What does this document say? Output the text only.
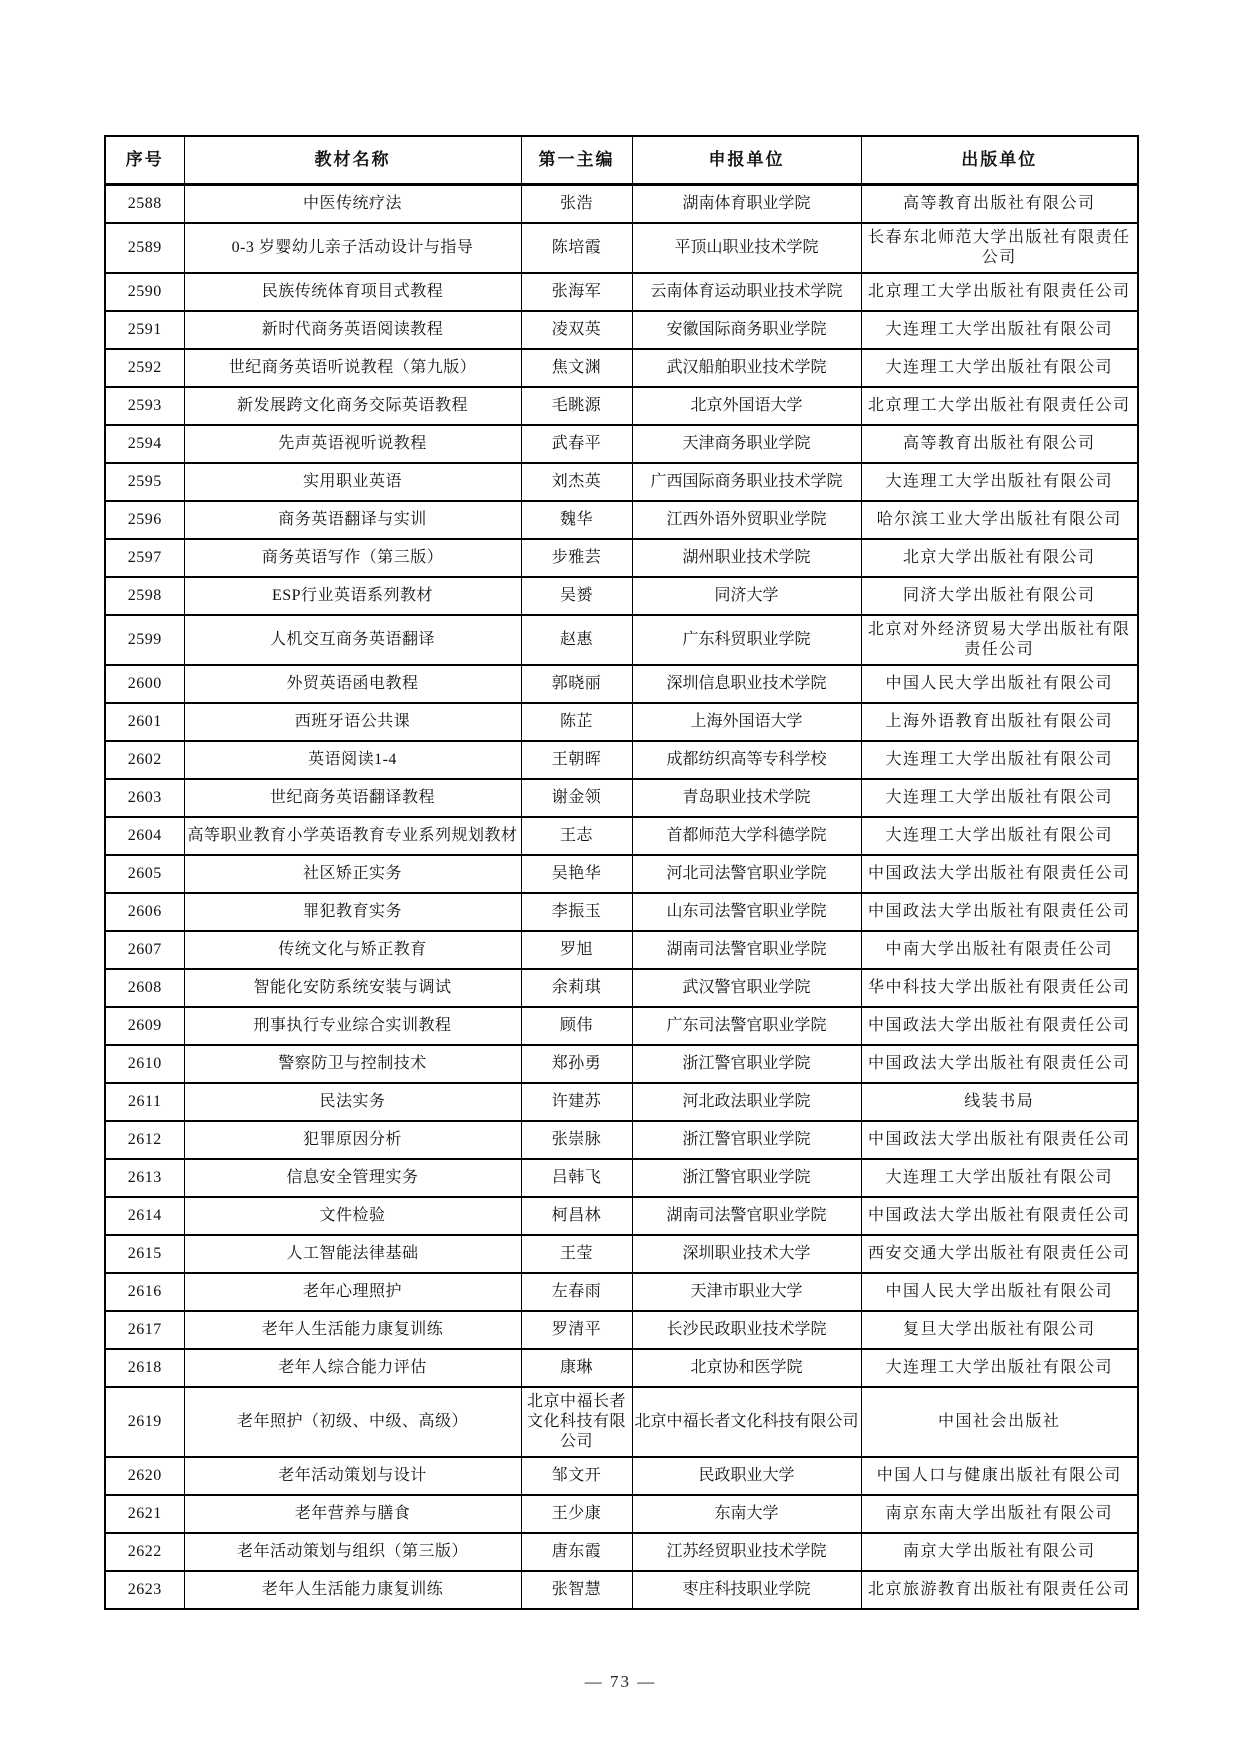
序号	教材名称	第一主编	申报单位	出版单位
2588	中医传统疗法	张浩	湖南体育职业学院	高等教育出版社有限公司
2589	0-3 岁婴幼儿亲子活动设计与指导	陈培霞	平顶山职业技术学院	长春东北师范大学出版社有限责任公司
2590	民族传统体育项目式教程	张海军	云南体育运动职业技术学院	北京理工大学出版社有限责任公司
2591	新时代商务英语阅读教程	凌双英	安徽国际商务职业学院	大连理工大学出版社有限公司
2592	世纪商务英语听说教程（第九版）	焦文渊	武汉船舶职业技术学院	大连理工大学出版社有限公司
2593	新发展跨文化商务交际英语教程	毛眺源	北京外国语大学	北京理工大学出版社有限责任公司
2594	先声英语视听说教程	武春平	天津商务职业学院	高等教育出版社有限公司
2595	实用职业英语	刘杰英	广西国际商务职业技术学院	大连理工大学出版社有限公司
2596	商务英语翻译与实训	魏华	江西外语外贸职业学院	哈尔滨工业大学出版社有限公司
2597	商务英语写作（第三版）	步雅芸	湖州职业技术学院	北京大学出版社有限公司
2598	ESP行业英语系列教材	吴赟	同济大学	同济大学出版社有限公司
2599	人机交互商务英语翻译	赵惠	广东科贸职业学院	北京对外经济贸易大学出版社有限责任公司
2600	外贸英语函电教程	郭晓丽	深圳信息职业技术学院	中国人民大学出版社有限公司
2601	西班牙语公共课	陈芷	上海外国语大学	上海外语教育出版社有限公司
2602	英语阅读1-4	王朝晖	成都纺织高等专科学校	大连理工大学出版社有限公司
2603	世纪商务英语翻译教程	谢金领	青岛职业技术学院	大连理工大学出版社有限公司
2604	高等职业教育小学英语教育专业系列规划教材	王志	首都师范大学科德学院	大连理工大学出版社有限公司
2605	社区矫正实务	吴艳华	河北司法警官职业学院	中国政法大学出版社有限责任公司
2606	罪犯教育实务	李振玉	山东司法警官职业学院	中国政法大学出版社有限责任公司
2607	传统文化与矫正教育	罗旭	湖南司法警官职业学院	中南大学出版社有限责任公司
2608	智能化安防系统安装与调试	余莉琪	武汉警官职业学院	华中科技大学出版社有限责任公司
2609	刑事执行专业综合实训教程	顾伟	广东司法警官职业学院	中国政法大学出版社有限责任公司
2610	警察防卫与控制技术	郑孙勇	浙江警官职业学院	中国政法大学出版社有限责任公司
2611	民法实务	许建苏	河北政法职业学院	线装书局
2612	犯罪原因分析	张崇脉	浙江警官职业学院	中国政法大学出版社有限责任公司
2613	信息安全管理实务	吕韩飞	浙江警官职业学院	大连理工大学出版社有限公司
2614	文件检验	柯昌林	湖南司法警官职业学院	中国政法大学出版社有限责任公司
2615	人工智能法律基础	王莹	深圳职业技术大学	西安交通大学出版社有限责任公司
2616	老年心理照护	左春雨	天津市职业大学	中国人民大学出版社有限公司
2617	老年人生活能力康复训练	罗清平	长沙民政职业技术学院	复旦大学出版社有限公司
2618	老年人综合能力评估	康琳	北京协和医学院	大连理工大学出版社有限公司
2619	老年照护（初级、中级、高级）	北京中福长者文化科技有限公司	北京中福长者文化科技有限公司	中国社会出版社
2620	老年活动策划与设计	邹文开	民政职业大学	中国人口与健康出版社有限公司
2621	老年营养与膳食	王少康	东南大学	南京东南大学出版社有限公司
2622	老年活动策划与组织（第三版）	唐东霞	江苏经贸职业技术学院	南京大学出版社有限公司
2623	老年人生活能力康复训练	张智慧	枣庄科技职业学院	北京旅游教育出版社有限责任公司
— 73 —
